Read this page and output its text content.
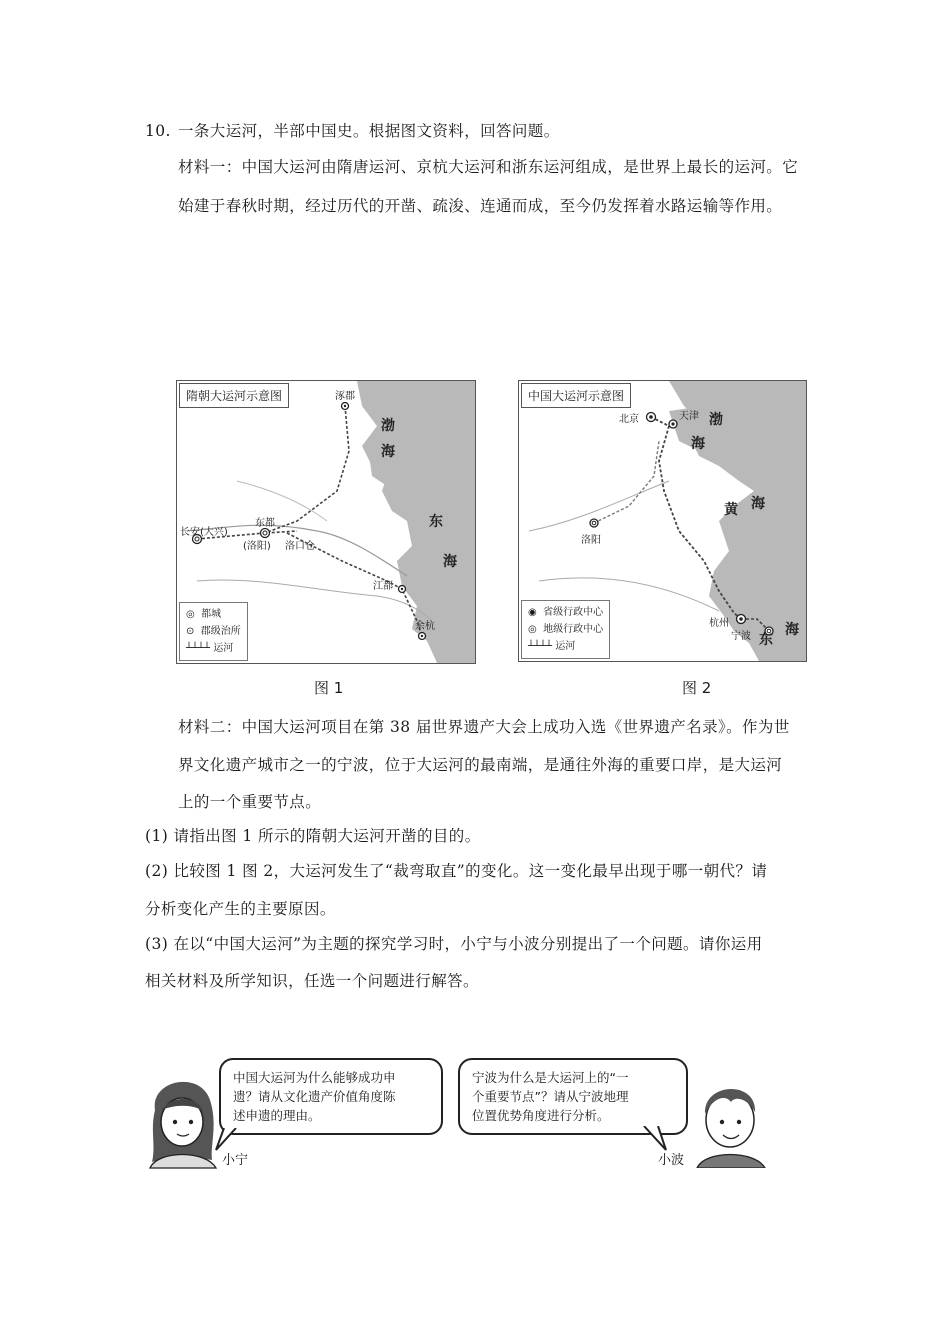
10. 一条大运河，半部中国史。根据图文资料，回答问题。
材料一：中国大运河由隋唐运河、京杭大运河和浙东运河组成，是世界上最长的运河。它
始建于春秋时期，经过历代的开凿、疏浚、连通而成，至今仍发挥着水路运输等作用。
隋朝大运河示意图	涿郡
长安(大兴)
东都
(洛阳) 洛口仓
江都
余杭
渤
海
东
海
◎ 都城
⊙ 郡级治所
┴┴┴┴ 运河
图 1
中国大运河示意图
北京	天津
洛阳
杭州
宁波
渤
海
黄 海
东
海
◉ 省级行政中心
◎ 地级行政中心
┴┴┴┴ 运河
图 2
材料二：中国大运河项目在第 38 届世界遗产大会上成功入选《世界遗产名录》。作为世
界文化遗产城市之一的宁波，位于大运河的最南端，是通往外海的重要口岸，是大运河
上的一个重要节点。
(1) 请指出图 1 所示的隋朝大运河开凿的目的。
(2) 比较图 1 图 2，大运河发生了“裁弯取直”的变化。这一变化最早出现于哪一朝代？请
分析变化产生的主要原因。
(3) 在以“中国大运河”为主题的探究学习时，小宁与小波分别提出了一个问题。请你运用
相关材料及所学知识，任选一个问题进行解答。
中国大运河为什么能够成功申
遗？请从文化遗产价值角度陈
述申遗的理由。
小宁
宁波为什么是大运河上的“一
个重要节点”？请从宁波地理
位置优势角度进行分析。
小波
